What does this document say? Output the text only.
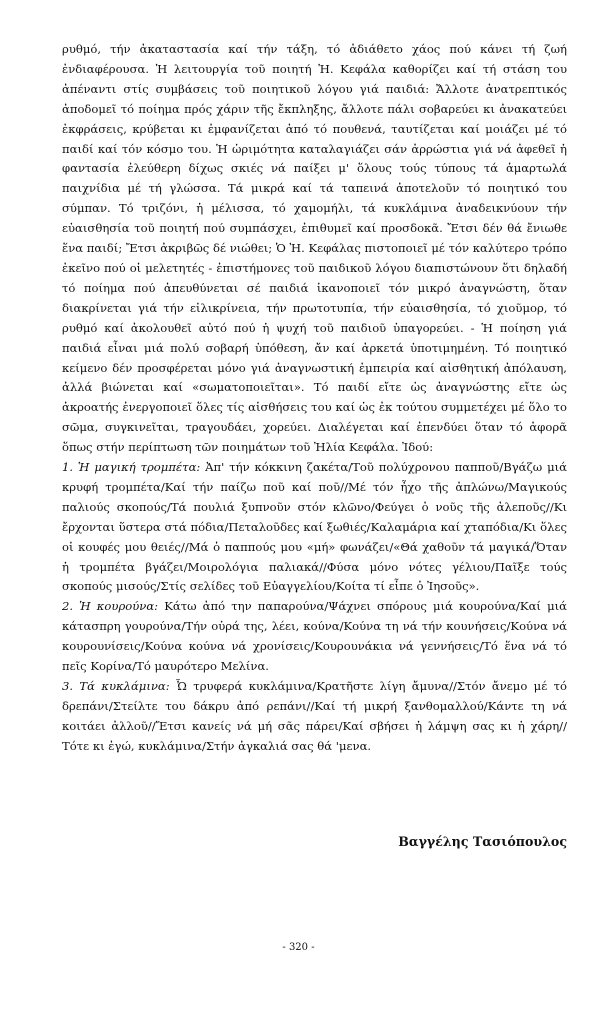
ρυθμό, τήν ἀκαταστασία καί τήν τάξη, τό ἀδιάθετο χάος πού κάνει τή ζωή ἐνδιαφέρουσα. Ἡ λειτουργία τοῦ ποιητή Ἠ. Κεφάλα καθορίζει καί τή στάση του ἀπέναντι στίς συμβάσεις τοῦ ποιητικοῦ λόγου γιά παιδιά: Ἄλλοτε ἀνατρεπτικός ἀποδομεῖ τό ποίημα πρός χάριν τῆς ἔκπληξης, ἄλλοτε πάλι σοβαρεύει κι ἀνακατεύει ἐκφράσεις, κρύβεται κι ἐμφανίζεται ἀπό τό πουθενά, ταυτίζεται καί μοιάζει μέ τό παιδί καί τόν κόσμο του. Ἡ ὡριμότητα καταλαγιάζει σάν ἀρρώστια γιά νά ἀφεθεῖ ἡ φαντασία ἐλεύθερη δίχως σκιές νά παίξει μ' ὅλους τούς τύπους τά ἁμαρτωλά παιχνίδια μέ τή γλώσσα. Τά μικρά καί τά ταπεινά ἀποτελοῦν τό ποιητικό του σύμπαν. Τό τριζόνι, ἡ μέλισσα, τό χαμομήλι, τά κυκλάμινα ἀναδεικνύουν τήν εὐαισθησία τοῦ ποιητή πού συμπάσχει, ἐπιθυμεῖ καί προσδοκᾶ. Ἔτσι δέν θά ἔνιωθε ἕνα παιδί; Ἔτσι ἀκριβῶς δέ νιώθει; Ὁ Ἠ. Κεφάλας πιστοποιεῖ μέ τόν καλύτερο τρόπο ἐκεῖνο πού οἱ μελετητές - ἐπιστήμονες τοῦ παιδικοῦ λόγου διαπιστώνουν ὅτι δηλαδή τό ποίημα πού ἀπευθύνεται σέ παιδιά ἱκανοποιεῖ τόν μικρό ἀναγνώστη, ὅταν διακρίνεται γιά τήν εἰλικρίνεια, τήν πρωτοτυπία, τήν εὐαισθησία, τό χιοῦμορ, τό ρυθμό καί ἀκολουθεῖ αὐτό πού ἡ ψυχή τοῦ παιδιοῦ ὑπαγορεύει. - Ἡ ποίηση γιά παιδιά εἶναι μιά πολύ σοβαρή ὑπόθεση, ἄν καί ἀρκετά ὑποτιμημένη. Τό ποιητικό κείμενο δέν προσφέρεται μόνο γιά ἀναγνωστική ἐμπειρία καί αἰσθητική ἀπόλαυση, ἀλλά βιώνεται καί «σωματοποιεῖται». Τό παιδί εἴτε ὡς ἀναγνώστης εἴτε ὡς ἀκροατής ἐνεργοποιεῖ ὅλες τίς αἰσθήσεις του καί ὡς ἐκ τούτου συμμετέχει μέ ὅλο το σῶμα, συγκινεῖται, τραγουδάει, χορεύει. Διαλέγεται καί ἐπενδύει ὅταν τό ἀφορᾶ ὅπως στήν περίπτωση τῶν ποιημάτων τοῦ Ἠλία Κεφάλα. Ἰδού:

1. Ἡ μαγική τρομπέτα: Ἀπ' τήν κόκκινη ζακέτα/Τοῦ πολύχρονου παπποῦ/Βγάζω μιά κρυφή τρομπέτα/Καί τήν παίζω ποῦ καί ποῦ//Μέ τόν ἦχο τῆς ἀπλώνω/Μαγικούς παλιούς σκοπούς/Τά πουλιά ξυπνοῦν στόν κλῶνο/Φεύγει ὁ νοῦς τῆς ἀλεποῦς//Κι ἔρχονται ὕστερα στά πόδια/Πεταλοῦδες καί ξωθιές/Καλαμάρια καί χταπόδια/Κι ὅλες οἱ κουφές μου θειές//Μά ὁ παππούς μου «μή» φωνάζει/«Θά χαθοῦν τά μαγικά/Ὅταν ἡ τρομπέτα βγάζει/Μοιρολόγια παλιακά//Φύσα μόνο νότες γέλιου/Παῖξε τούς σκοπούς μισούς/Στίς σελίδες τοῦ Εὐαγγελίου/Κοίτα τί εἶπε ὁ Ἰησοῦς».

2. Ἡ κουρούνα: Κάτω ἀπό την παπαρούνα/Ψάχνει σπόρους μιά κουρούνα/Καί μιά κάτασπρη γουρούνα/Τήν οὐρά της, λέει, κούνα/Κούνα τη νά τήν κουνήσεις/Κούνα νά κουρουνίσεις/Κούνα κούνα νά χρονίσεις/Κουρουνάκια νά γεννήσεις/Τό ἕνα νά τό πεῖς Κορίνα/Τό μαυρότερο Μελίνα.

3. Τά κυκλάμινα: Ὦ τρυφερά κυκλάμινα/Κρατῆστε λίγη ἄμυνα//Στόν ἄνεμο μέ τό δρεπάνι/Στείλτε του δάκρυ ἀπό ρεπάνι//Καί τή μικρή ξανθομαλλού/Κάντε τη νά κοιτάει ἀλλοῦ//Ἔτσι κανείς νά μή σᾶς πάρει/Καί σβήσει ἡ λάμψη σας κι ἡ χάρη//Τότε κι ἐγώ, κυκλάμινα/Στήν ἀγκαλιά σας θά 'μενα.

Βαγγέλης Τασιόπουλος
- 320 -
